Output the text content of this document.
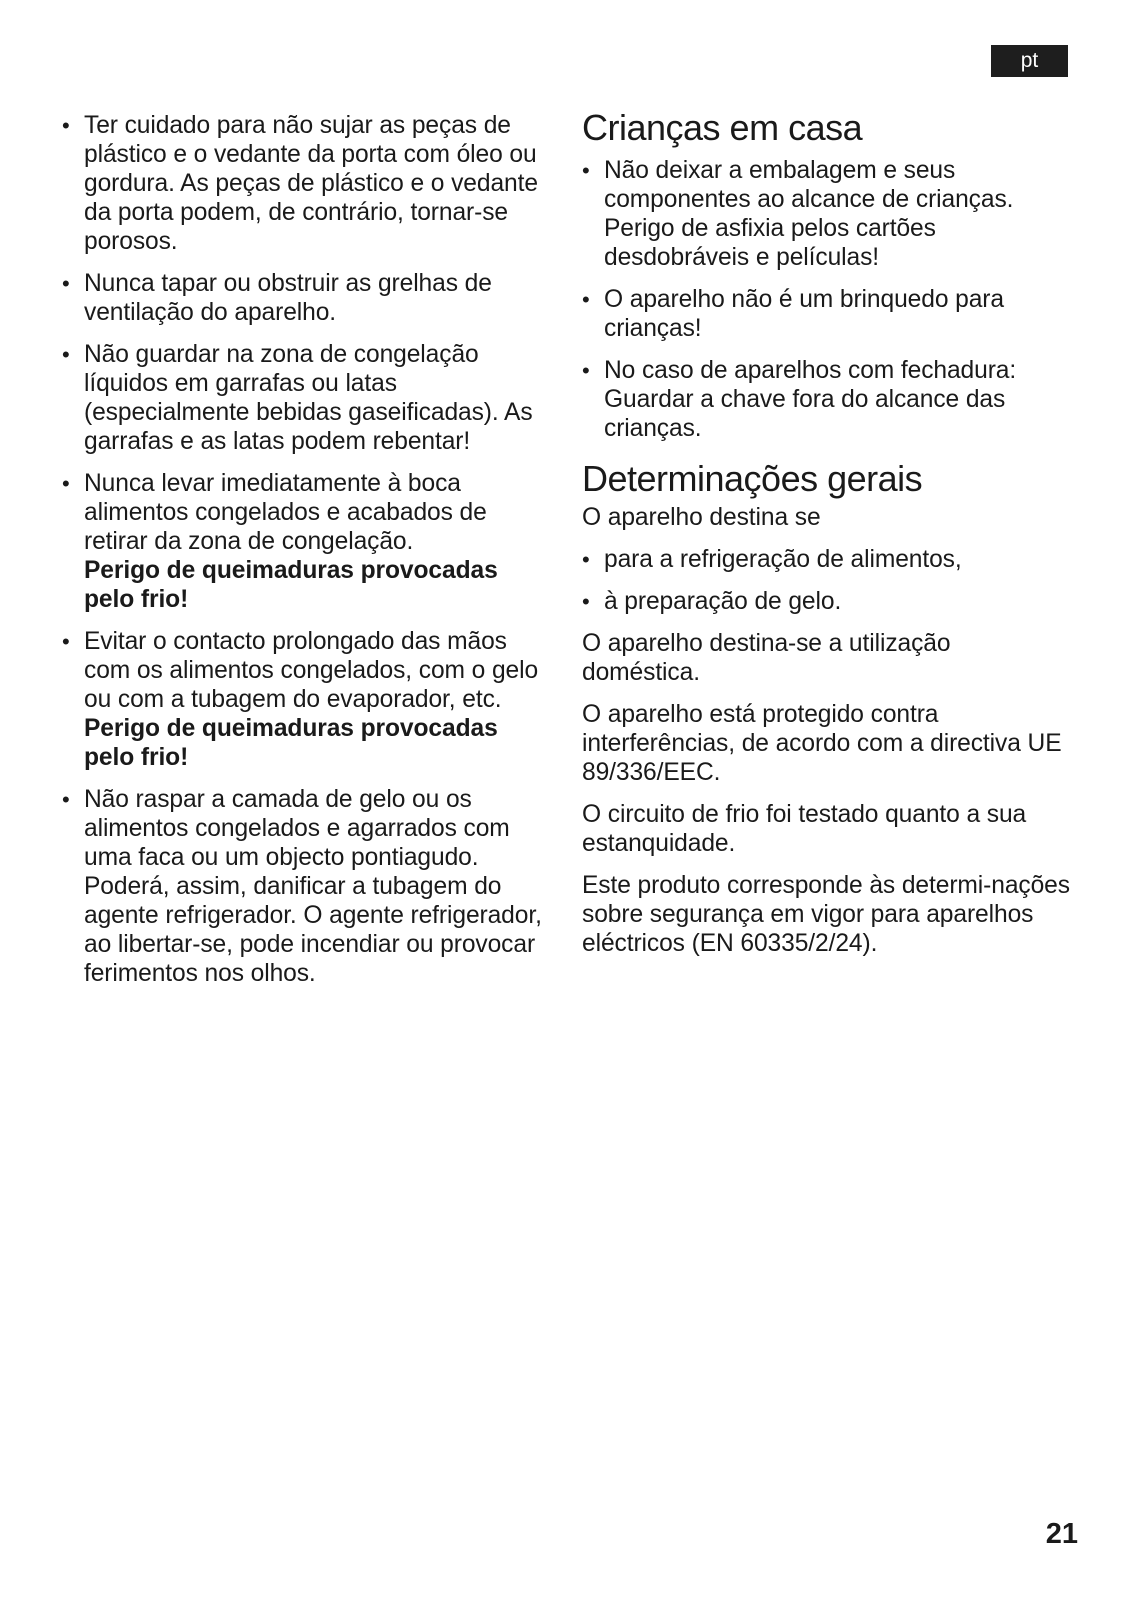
pt
• Ter cuidado para não sujar as peças de plástico e o vedante da porta com óleo ou gordura. As peças de plástico e o vedante da porta podem, de contrário, tornar-se porosos.
• Nunca tapar ou obstruir as grelhas de ventilação do aparelho.
• Não guardar na zona de congelação líquidos em garrafas ou latas (especialmente bebidas gaseificadas). As garrafas e as latas podem rebentar!
• Nunca levar imediatamente à boca alimentos congelados e acabados de retirar da zona de congelação.
Perigo de queimaduras provocadas pelo frio!
• Evitar o contacto prolongado das mãos com os alimentos congelados, com o gelo ou com a tubagem do evaporador, etc.
Perigo de queimaduras provocadas pelo frio!
• Não raspar a camada de gelo ou os alimentos congelados e agarrados com uma faca ou um objecto pontiagudo. Poderá, assim, danificar a tubagem do agente refrigerador. O agente refrigerador, ao libertar-se, pode incendiar ou provocar ferimentos nos olhos.
Crianças em casa
• Não deixar a embalagem e seus componentes ao alcance de crianças. Perigo de asfixia pelos cartões desdobráveis e películas!
• O aparelho não é um brinquedo para crianças!
• No caso de aparelhos com fechadura: Guardar a chave fora do alcance das crianças.
Determinações gerais

O aparelho destina se

• para a refrigeração de alimentos,
• à preparação de gelo.

O aparelho destina-se a utilização doméstica.

O aparelho está protegido contra interferências, de acordo com a directiva UE 89/336/EEC.

O circuito de frio foi testado quanto a sua estanquidade.

Este produto corresponde às determi-nações sobre segurança em vigor para aparelhos eléctricos (EN 60335/2/24).

21
